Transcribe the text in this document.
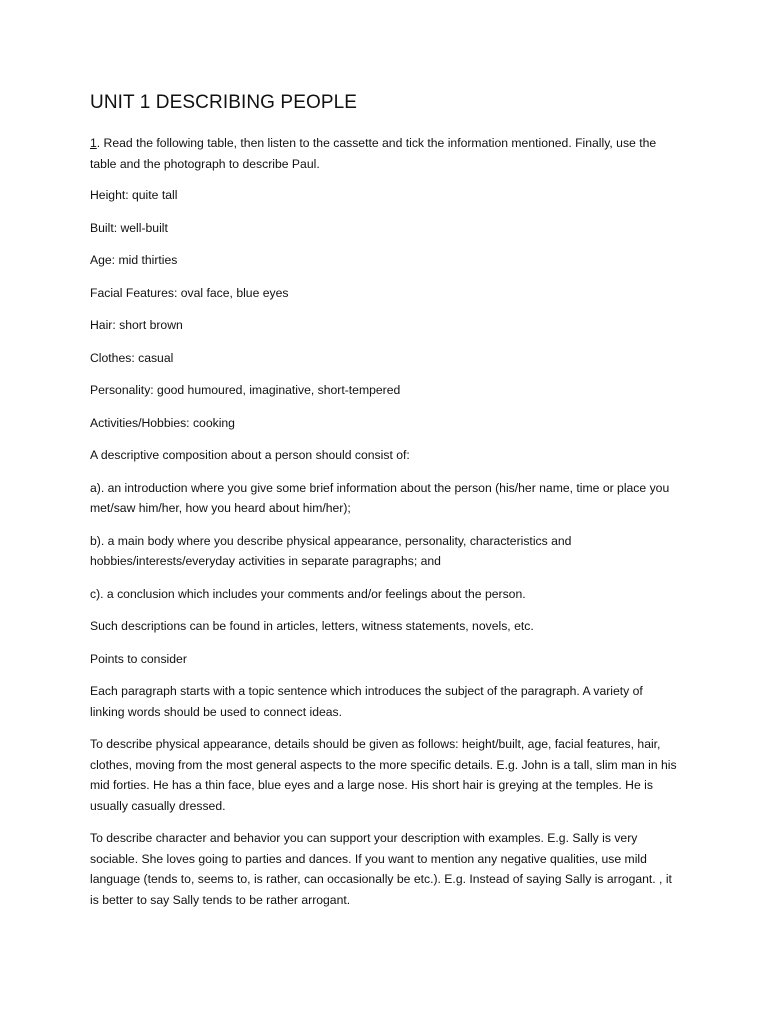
UNIT 1 DESCRIBING PEOPLE

1. Read the following table, then listen to the cassette and tick the information mentioned. Finally, use the table and the photograph to describe Paul.

Height: quite tall

Built: well-built

Age: mid thirties

Facial Features: oval face, blue eyes

Hair: short brown

Clothes: casual

Personality: good humoured, imaginative, short-tempered

Activities/Hobbies: cooking

A descriptive composition about a person should consist of:

a). an introduction where you give some brief information about the person (his/her name, time or place you met/saw him/her, how you heard about him/her);

b). a main body where you describe physical appearance, personality, characteristics and hobbies/interests/everyday activities in separate paragraphs; and

c). a conclusion which includes your comments and/or feelings about the person.

Such descriptions can be found in articles, letters, witness statements, novels, etc.

Points to consider

Each paragraph starts with a topic sentence which introduces the subject of the paragraph. A variety of linking words should be used to connect ideas.

To describe physical appearance, details should be given as follows: height/built, age, facial features, hair, clothes, moving from the most general aspects to the more specific details. E.g. John is a tall, slim man in his mid forties. He has a thin face, blue eyes and a large nose. His short hair is greying at the temples. He is usually casually dressed.

To describe character and behavior you can support your description with examples. E.g. Sally is very sociable. She loves going to parties and dances. If you want to mention any negative qualities, use mild language (tends to, seems to, is rather, can occasionally be etc.). E.g. Instead of saying Sally is arrogant. , it is better to say Sally tends to be rather arrogant.
